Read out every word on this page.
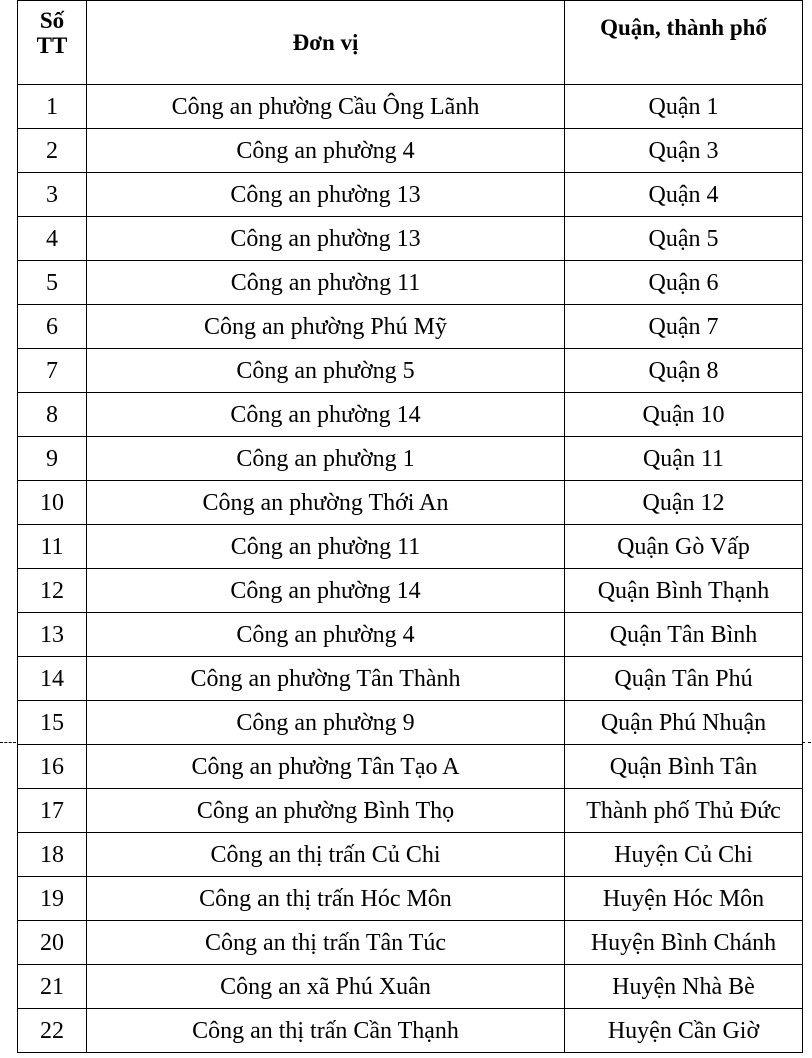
Số
TT	Đơn vị	Quận, thành phố
1	Công an phường Cầu Ông Lãnh	Quận 1
2	Công an phường 4	Quận 3
3	Công an phường 13	Quận 4
4	Công an phường 13	Quận 5
5	Công an phường 11	Quận 6
6	Công an phường Phú Mỹ	Quận 7
7	Công an phường 5	Quận 8
8	Công an phường 14	Quận 10
9	Công an phường 1	Quận 11
10	Công an phường Thới An	Quận 12
11	Công an phường 11	Quận Gò Vấp
12	Công an phường 14	Quận Bình Thạnh
13	Công an phường 4	Quận Tân Bình
14	Công an phường Tân Thành	Quận Tân Phú
15	Công an phường 9	Quận Phú Nhuận
16	Công an phường Tân Tạo A	Quận Bình Tân
17	Công an phường Bình Thọ	Thành phố Thủ Đức
18	Công an thị trấn Củ Chi	Huyện Củ Chi
19	Công an thị trấn Hóc Môn	Huyện Hóc Môn
20	Công an thị trấn Tân Túc	Huyện Bình Chánh
21	Công an xã Phú Xuân	Huyện Nhà Bè
22	Công an thị trấn Cần Thạnh	Huyện Cần Giờ
